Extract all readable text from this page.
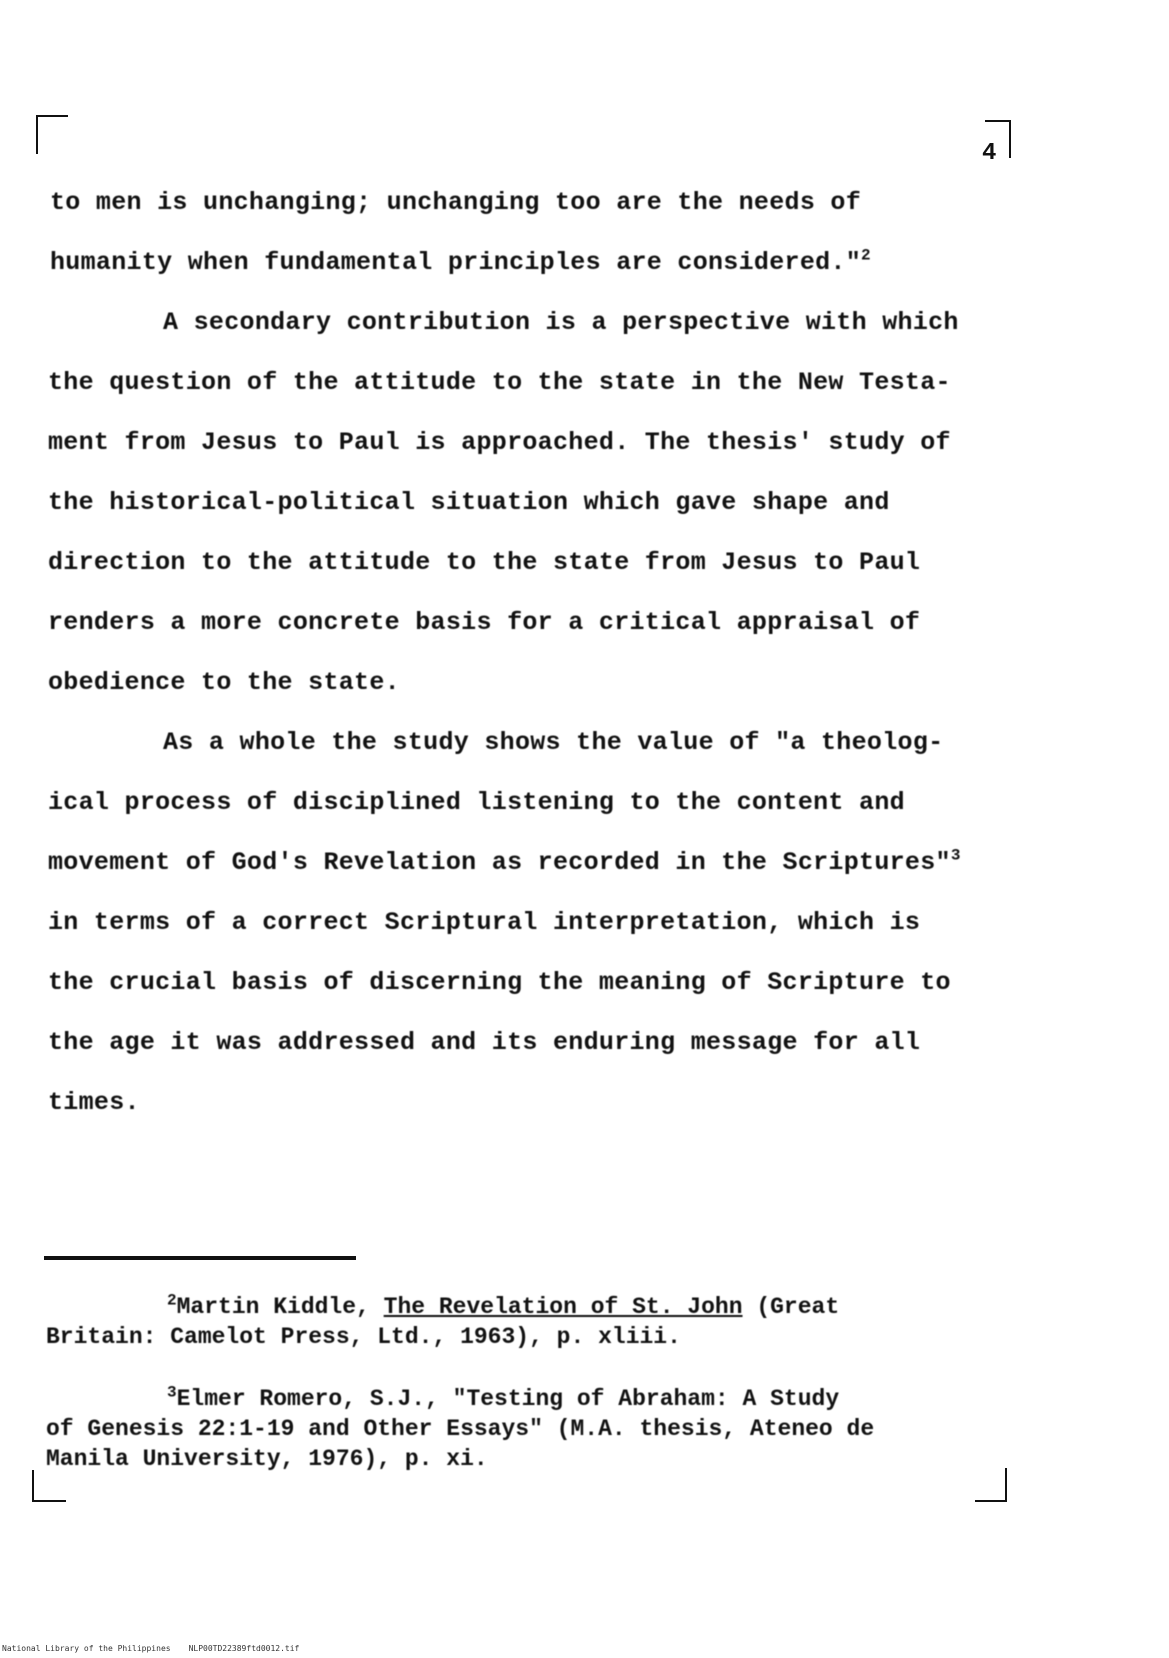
4
to men is unchanging; unchanging too are the needs of
humanity when fundamental principles are considered."$^2$
A secondary contribution is a perspective with which
the question of the attitude to the state in the New Testa-
ment from Jesus to Paul is approached. The thesis' study of
the historical-political situation which gave shape and
direction to the attitude to the state from Jesus to Paul
renders a more concrete basis for a critical appraisal of
obedience to the state.
As a whole the study shows the value of "a theolog-
ical process of disciplined listening to the content and
movement of God's Revelation as recorded in the Scriptures"$^3$
in terms of a correct Scriptural interpretation, which is
the crucial basis of discerning the meaning of Scripture to
the age it was addressed and its enduring message for all
times.
$^2$Martin Kiddle, The Revelation of St. John (Great
Britain: Camelot Press, Ltd., 1963), p. xliii.
$^3$Elmer Romero, S.J., "Testing of Abraham: A Study
of Genesis 22:1-19 and Other Essays" (M.A. thesis, Ateneo de
Manila University, 1976), p. xi.
National Library of the Philippines NLP00TD22389ftd0012.tif
